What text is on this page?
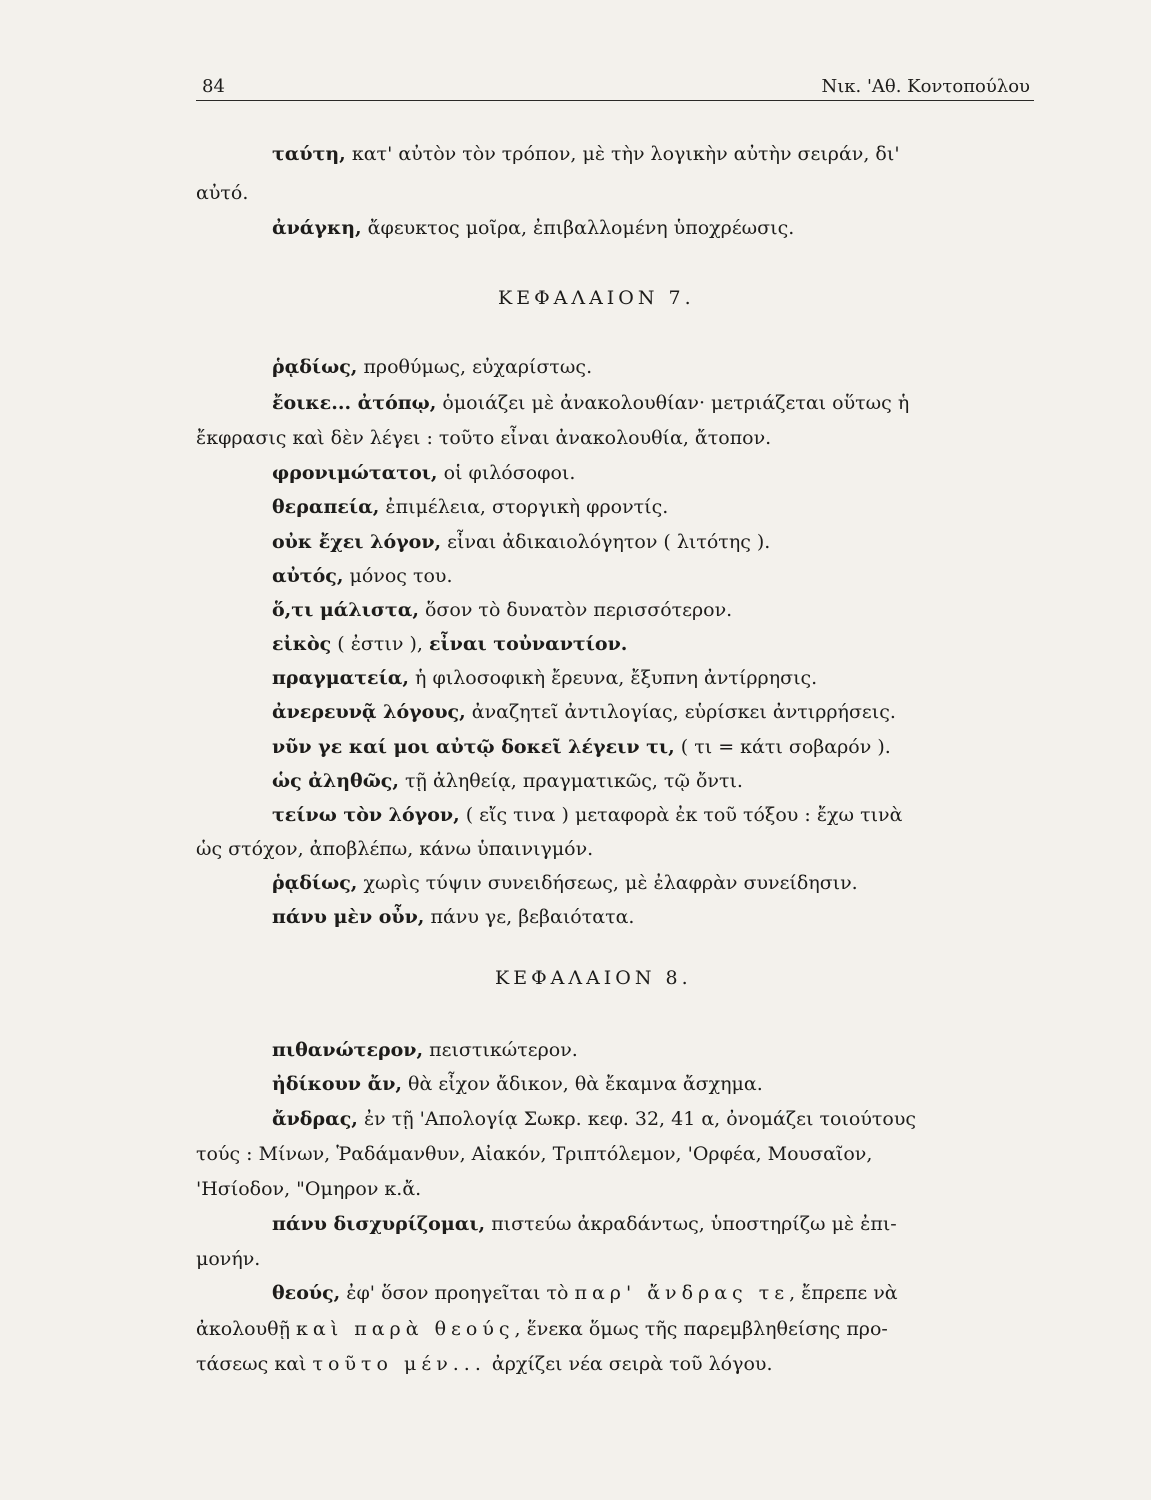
84	Νικ. 'Αθ. Κοντοπούλου
ταύτη, κατ' αὐτὸν τὸν τρόπον, μὲ τὴν λογικὴν αὐτὴν σειράν, δι'
αὐτό.
ἀνάγκη, ἄφευκτος μοῖρα, ἐπιβαλλομένη ὑποχρέωσις.
ΚΕΦΑΛΑΙΟΝ 7.
ῥᾳδίως, προθύμως, εὐχαρίστως.
ἔοικε... ἀτόπῳ, ὁμοιάζει μὲ ἀνακολουθίαν· μετριάζεται οὕτως ἡ
ἔκφρασις καὶ δὲν λέγει : τοῦτο εἶναι ἀνακολουθία, ἄτοπον.
φρονιμώτατοι, οἱ φιλόσοφοι.
θεραπεία, ἐπιμέλεια, στοργικὴ φροντίς.
οὐκ ἔχει λόγον, εἶναι ἀδικαιολόγητον ( λιτότης ).
αὐτός, μόνος του.
ὅ,τι μάλιστα, ὅσον τὸ δυνατὸν περισσότερον.
εἰκὸς ( ἐστιν ), εἶναι τοὐναντίον.
πραγματεία, ἡ φιλοσοφικὴ ἔρευνα, ἔξυπνη ἀντίρρησις.
ἀνερευνᾷ λόγους, ἀναζητεῖ ἀντιλογίας, εὑρίσκει ἀντιρρήσεις.
νῦν γε καί μοι αὐτῷ δοκεῖ λέγειν τι, ( τι = κάτι σοβαρόν ).
ὡς ἀληθῶς, τῇ ἀληθείᾳ, πραγματικῶς, τῷ ὄντι.
τείνω τὸν λόγον, ( εἴς τινα ) μεταφορὰ ἐκ τοῦ τόξου : ἔχω τινὰ
ὡς στόχον, ἀποβλέπω, κάνω ὑπαινιγμόν.
ῥᾳδίως, χωρὶς τύψιν συνειδήσεως, μὲ ἐλαφρὰν συνείδησιν.
πάνυ μὲν οὖν, πάνυ γε, βεβαιότατα.
ΚΕΦΑΛΑΙΟΝ 8.
πιθανώτερον, πειστικώτερον.
ἠδίκουν ἄν, θὰ εἶχον ἄδικον, θὰ ἔκαμνα ἄσχημα.
ἄνδρας, ἐν τῇ 'Απολογίᾳ Σωκρ. κεφ. 32, 41 α, ὀνομάζει τοιούτους
τούς : Μίνων, Ῥαδάμανθυν, Αἰακόν, Τριπτόλεμον, 'Ορφέα, Μουσαῖον,
'Ησίοδον, "Ομηρον κ.ἄ.
πάνυ δισχυρίζομαι, πιστεύω ἀκραδάντως, ὑποστηρίζω μὲ ἐπι-
μονήν.
θεούς, ἐφ' ὅσον προηγεῖται τὸ παρ' ἄνδρας τε, ἔπρεπε νὰ
ἀκολουθῇ καὶ παρὰ θεούς, ἕνεκα ὅμως τῆς παρεμβληθείσης προ-
τάσεως καὶ τοῦτο μέν... ἀρχίζει νέα σειρὰ τοῦ λόγου.
